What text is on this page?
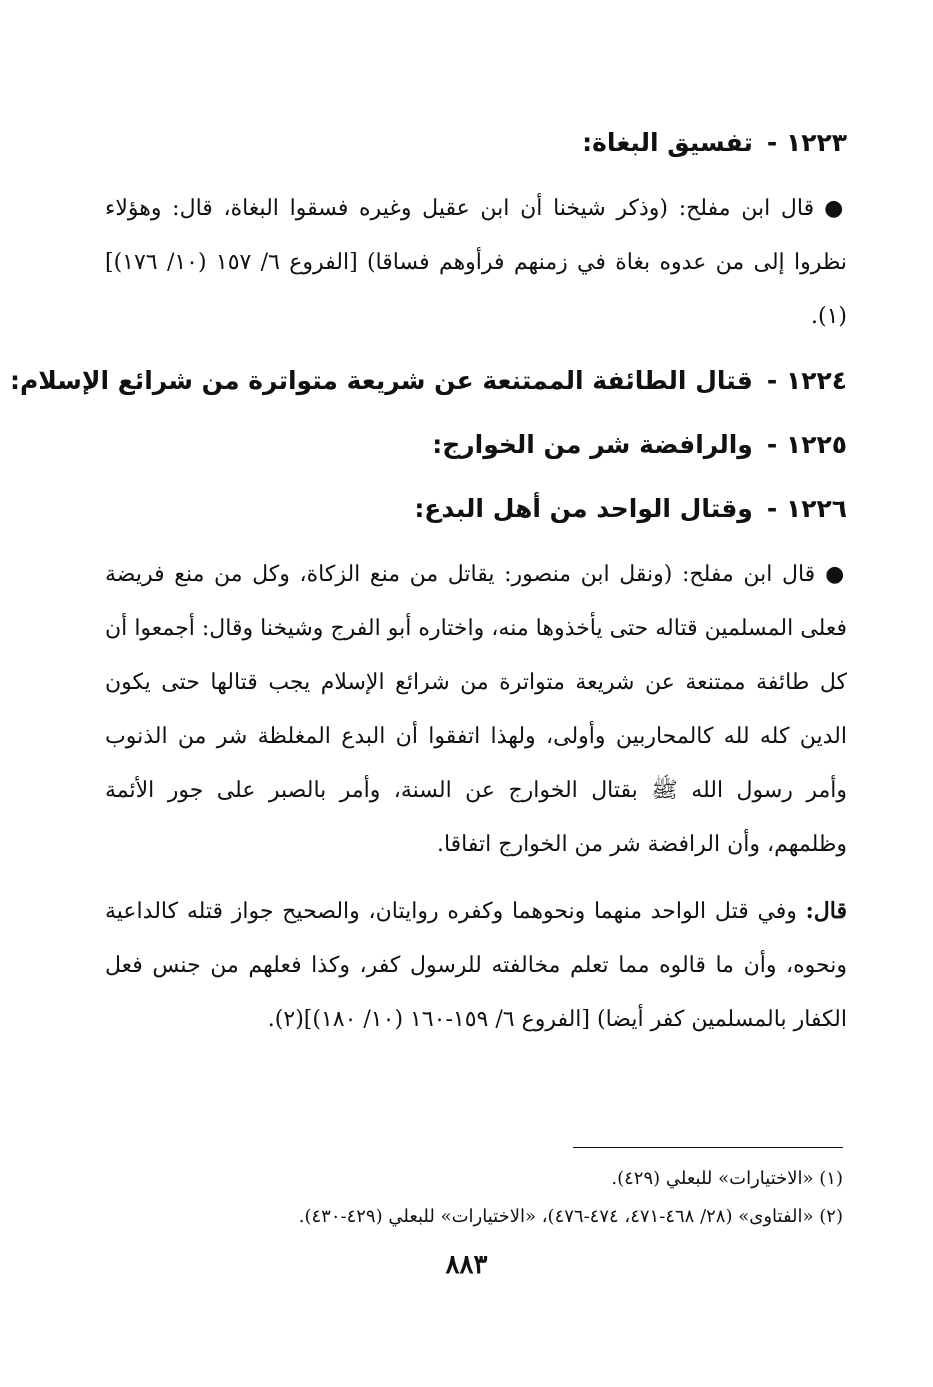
١٢٢٣ -تفسيق البغاة:

●قال ابن مفلح: (وذكر شيخنا أن ابن عقيل وغيره فسقوا البغاة، قال: وهؤلاء نظروا إلى من عدوه بغاة في زمنهم فرأوهم فساقا) [الفروع ٦/ ١٥٧ (١٠/ ١٧٦)](١).

١٢٢٤ -قتال الطائفة الممتنعة عن شريعة متواترة من شرائع الإسلام:
١٢٢٥ -والرافضة شر من الخوارج:
١٢٢٦ -وقتال الواحد من أهل البدع:

●قال ابن مفلح: (ونقل ابن منصور: يقاتل من منع الزكاة، وكل من منع فريضة فعلى المسلمين قتاله حتى يأخذوها منه، واختاره أبو الفرج وشيخنا وقال: أجمعوا أن كل طائفة ممتنعة عن شريعة متواترة من شرائع الإسلام يجب قتالها حتى يكون الدين كله لله كالمحاربين وأولى، ولهذا اتفقوا أن البدع المغلظة شر من الذنوب وأمر رسول الله ﷺ بقتال الخوارج عن السنة، وأمر بالصبر على جور الأئمة وظلمهم، وأن الرافضة شر من الخوارج اتفاقا.

قال: وفي قتل الواحد منهما ونحوهما وكفره روايتان، والصحيح جواز قتله كالداعية ونحوه، وأن ما قالوه مما تعلم مخالفته للرسول كفر، وكذا فعلهم من جنس فعل الكفار بالمسلمين كفر أيضا) [الفروع ٦/ ١٥٩-١٦٠ (١٠/ ١٨٠)](٢).

(١) «الاختيارات» للبعلي (٤٢٩).
(٢) «الفتاوى» (٢٨/ ٤٦٨-٤٧١، ٤٧٤-٤٧٦)، «الاختيارات» للبعلي (٤٢٩-٤٣٠).
٨٨٣
